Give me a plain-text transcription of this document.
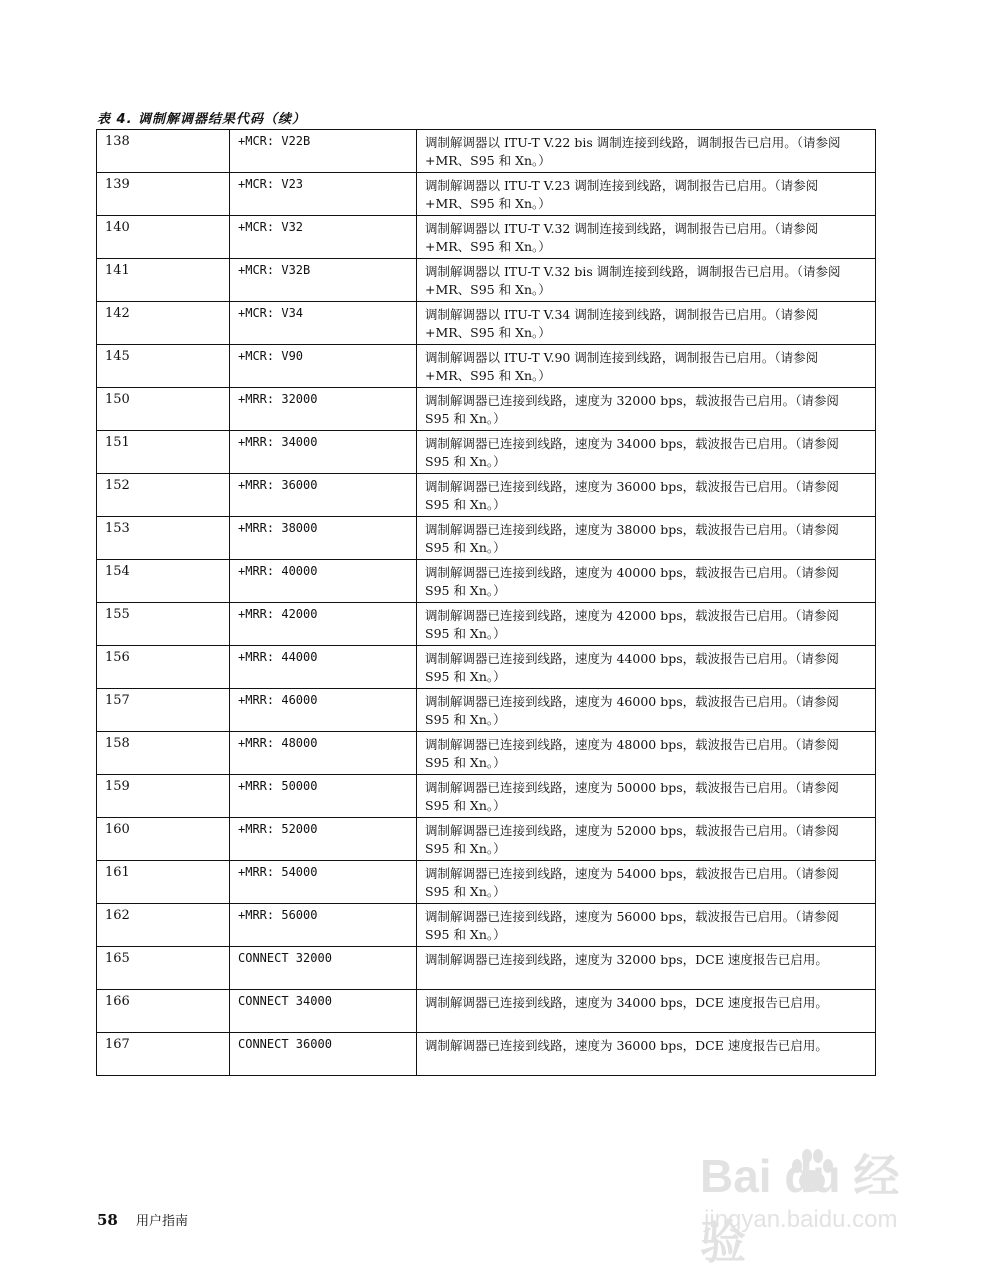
表 4. 调制解调器结果代码（续）
138	+MCR: V22B	调制解调器以 ITU-T V.22 bis 调制连接到线路，调制报告已启用。（请参阅 +MR、S95 和 Xn。）
139	+MCR: V23	调制解调器以 ITU-T V.23 调制连接到线路，调制报告已启用。（请参阅 +MR、S95 和 Xn。）
140	+MCR: V32	调制解调器以 ITU-T V.32 调制连接到线路，调制报告已启用。（请参阅 +MR、S95 和 Xn。）
141	+MCR: V32B	调制解调器以 ITU-T V.32 bis 调制连接到线路，调制报告已启用。（请参阅 +MR、S95 和 Xn。）
142	+MCR: V34	调制解调器以 ITU-T V.34 调制连接到线路，调制报告已启用。（请参阅 +MR、S95 和 Xn。）
145	+MCR: V90	调制解调器以 ITU-T V.90 调制连接到线路，调制报告已启用。（请参阅 +MR、S95 和 Xn。）
150	+MRR: 32000	调制解调器已连接到线路，速度为 32000 bps，载波报告已启用。（请参阅 S95 和 Xn。）
151	+MRR: 34000	调制解调器已连接到线路，速度为 34000 bps，载波报告已启用。（请参阅 S95 和 Xn。）
152	+MRR: 36000	调制解调器已连接到线路，速度为 36000 bps，载波报告已启用。（请参阅 S95 和 Xn。）
153	+MRR: 38000	调制解调器已连接到线路，速度为 38000 bps，载波报告已启用。（请参阅 S95 和 Xn。）
154	+MRR: 40000	调制解调器已连接到线路，速度为 40000 bps，载波报告已启用。（请参阅 S95 和 Xn。）
155	+MRR: 42000	调制解调器已连接到线路，速度为 42000 bps，载波报告已启用。（请参阅 S95 和 Xn。）
156	+MRR: 44000	调制解调器已连接到线路，速度为 44000 bps，载波报告已启用。（请参阅 S95 和 Xn。）
157	+MRR: 46000	调制解调器已连接到线路，速度为 46000 bps，载波报告已启用。（请参阅 S95 和 Xn。）
158	+MRR: 48000	调制解调器已连接到线路，速度为 48000 bps，载波报告已启用。（请参阅 S95 和 Xn。）
159	+MRR: 50000	调制解调器已连接到线路，速度为 50000 bps，载波报告已启用。（请参阅 S95 和 Xn。）
160	+MRR: 52000	调制解调器已连接到线路，速度为 52000 bps，载波报告已启用。（请参阅 S95 和 Xn。）
161	+MRR: 54000	调制解调器已连接到线路，速度为 54000 bps，载波报告已启用。（请参阅 S95 和 Xn。）
162	+MRR: 56000	调制解调器已连接到线路，速度为 56000 bps，载波报告已启用。（请参阅 S95 和 Xn。）
165	CONNECT 32000	调制解调器已连接到线路，速度为 32000 bps，DCE 速度报告已启用。
166	CONNECT 34000	调制解调器已连接到线路，速度为 34000 bps，DCE 速度报告已启用。
167	CONNECT 36000	调制解调器已连接到线路，速度为 36000 bps，DCE 速度报告已启用。
58 用户指南
Bai du 经验
jingyan.baidu.com
